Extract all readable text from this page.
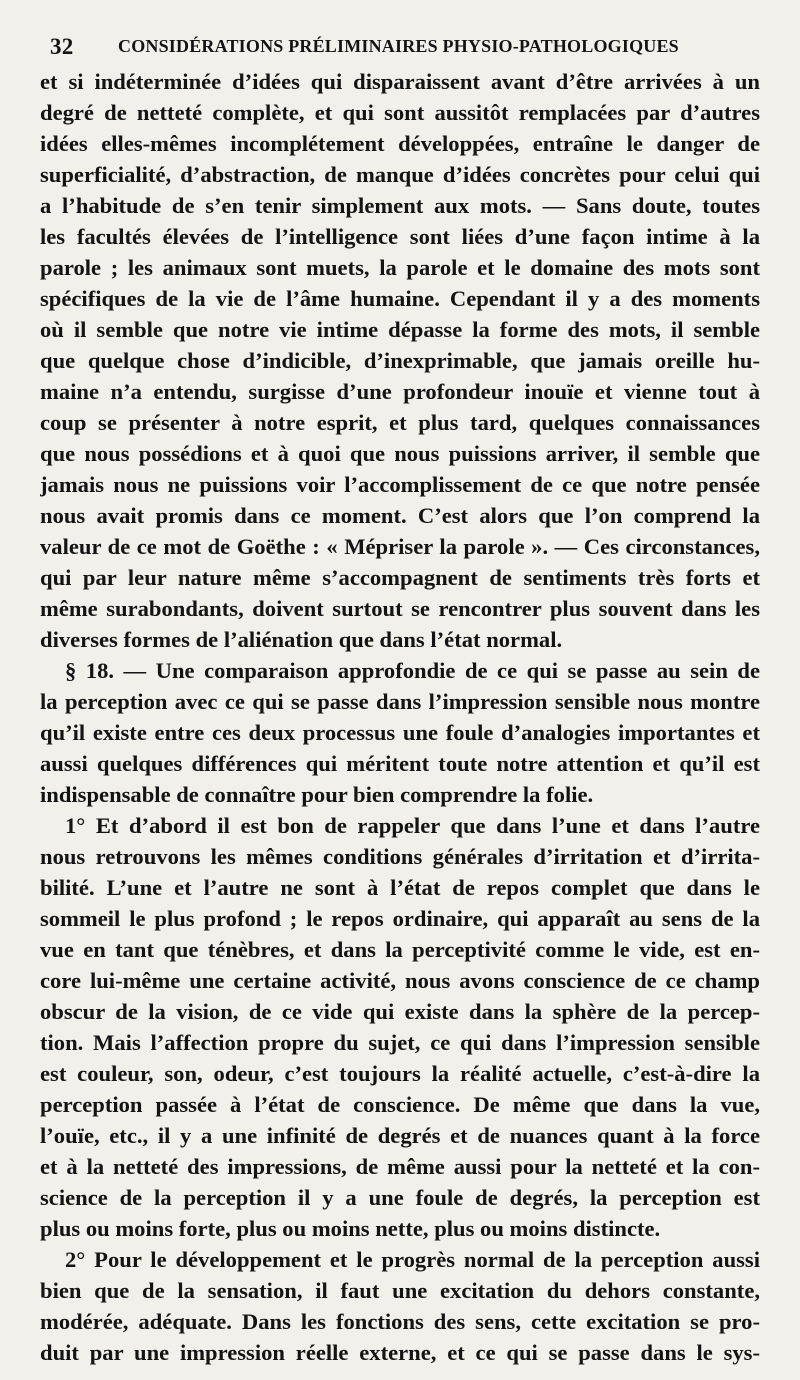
32 CONSIDÉRATIONS PRÉLIMINAIRES PHYSIO-PATHOLOGIQUES
et si indéterminée d’idées qui disparaissent avant d’être arrivées à un
degré de netteté complète, et qui sont aussitôt remplacées par d’autres
idées elles-mêmes incomplétement développées, entraîne le danger de
superficialité, d’abstraction, de manque d’idées concrètes pour celui qui
a l’habitude de s’en tenir simplement aux mots. — Sans doute, toutes
les facultés élevées de l’intelligence sont liées d’une façon intime à la
parole ; les animaux sont muets, la parole et le domaine des mots sont
spécifiques de la vie de l’âme humaine. Cependant il y a des moments
où il semble que notre vie intime dépasse la forme des mots, il semble
que quelque chose d’indicible, d’inexprimable, que jamais oreille hu-
maine n’a entendu, surgisse d’une profondeur inouïe et vienne tout à
coup se présenter à notre esprit, et plus tard, quelques connaissances
que nous possédions et à quoi que nous puissions arriver, il semble que
jamais nous ne puissions voir l’accomplissement de ce que notre pensée
nous avait promis dans ce moment. C’est alors que l’on comprend la
valeur de ce mot de Goëthe : « Mépriser la parole ». — Ces circonstances,
qui par leur nature même s’accompagnent de sentiments très forts et
même surabondants, doivent surtout se rencontrer plus souvent dans les
diverses formes de l’aliénation que dans l’état normal.
§ 18. — Une comparaison approfondie de ce qui se passe au sein de
la perception avec ce qui se passe dans l’impression sensible nous montre
qu’il existe entre ces deux processus une foule d’analogies importantes et
aussi quelques différences qui méritent toute notre attention et qu’il est
indispensable de connaître pour bien comprendre la folie.
1° Et d’abord il est bon de rappeler que dans l’une et dans l’autre
nous retrouvons les mêmes conditions générales d’irritation et d’irrita-
bilité. L’une et l’autre ne sont à l’état de repos complet que dans le
sommeil le plus profond ; le repos ordinaire, qui apparaît au sens de la
vue en tant que ténèbres, et dans la perceptivité comme le vide, est en-
core lui-même une certaine activité, nous avons conscience de ce champ
obscur de la vision, de ce vide qui existe dans la sphère de la percep-
tion. Mais l’affection propre du sujet, ce qui dans l’impression sensible
est couleur, son, odeur, c’est toujours la réalité actuelle, c’est-à-dire la
perception passée à l’état de conscience. De même que dans la vue,
l’ouïe, etc., il y a une infinité de degrés et de nuances quant à la force
et à la netteté des impressions, de même aussi pour la netteté et la con-
science de la perception il y a une foule de degrés, la perception est
plus ou moins forte, plus ou moins nette, plus ou moins distincte.
2° Pour le développement et le progrès normal de la perception aussi
bien que de la sensation, il faut une excitation du dehors constante,
modérée, adéquate. Dans les fonctions des sens, cette excitation se pro-
duit par une impression réelle externe, et ce qui se passe dans le sys-
